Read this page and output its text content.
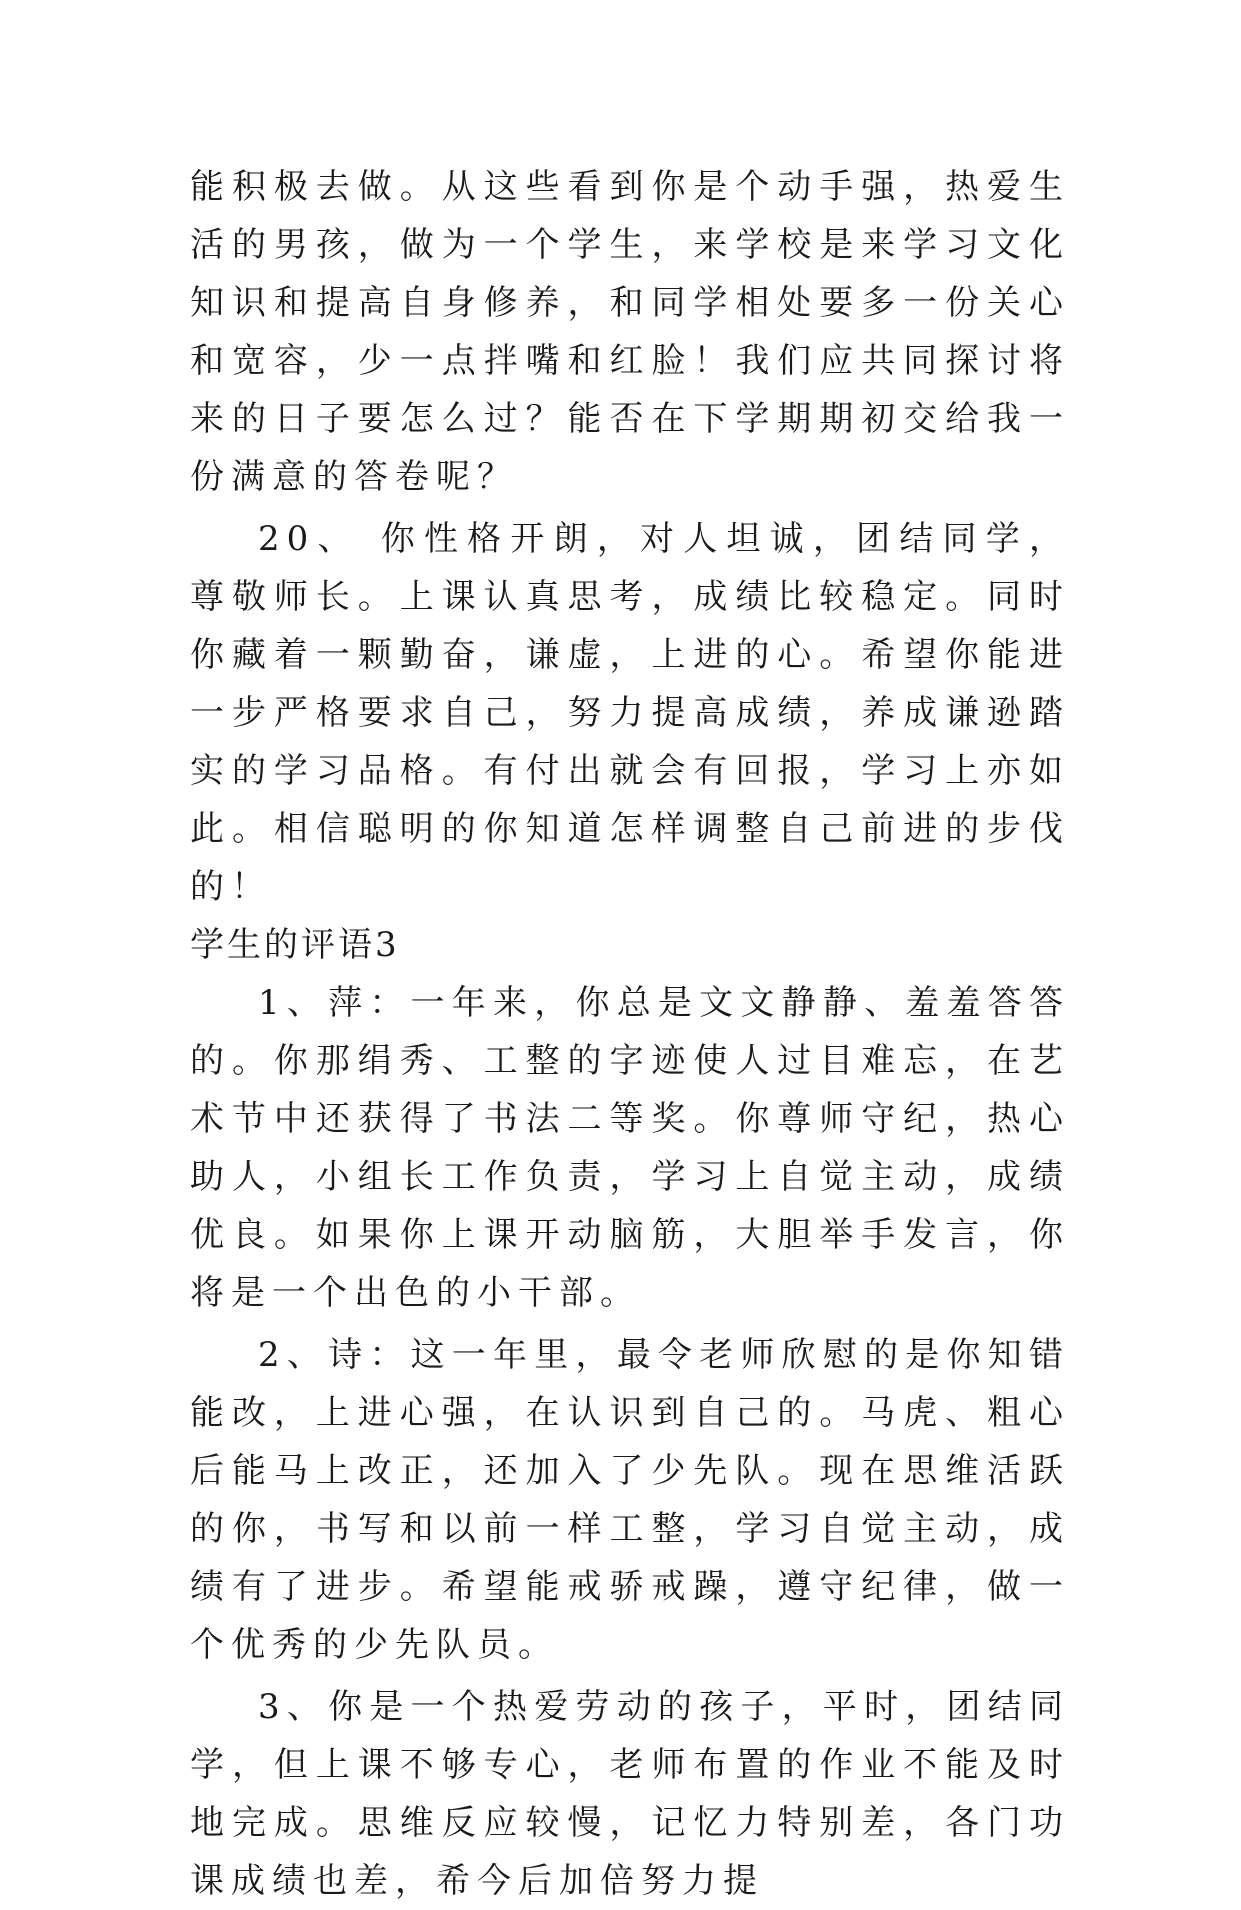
能积极去做。从这些看到你是个动手强，热爱生活的男孩，做为一个学生，来学校是来学习文化知识和提高自身修养，和同学相处要多一份关心和宽容，少一点拌嘴和红脸！我们应共同探讨将来的日子要怎么过？能否在下学期期初交给我一份满意的答卷呢？

20、 你性格开朗，对人坦诚，团结同学，尊敬师长。上课认真思考，成绩比较稳定。同时你藏着一颗勤奋，谦虚，上进的心。希望你能进一步严格要求自己，努力提高成绩，养成谦逊踏实的学习品格。有付出就会有回报，学习上亦如此。相信聪明的你知道怎样调整自己前进的步伐的！

学生的评语3

1、萍：一年来，你总是文文静静、羞羞答答的。你那绢秀、工整的字迹使人过目难忘，在艺术节中还获得了书法二等奖。你尊师守纪，热心助人，小组长工作负责，学习上自觉主动，成绩优良。如果你上课开动脑筋，大胆举手发言，你将是一个出色的小干部。

2、诗：这一年里，最令老师欣慰的是你知错能改，上进心强，在认识到自己的。马虎、粗心后能马上改正，还加入了少先队。现在思维活跃的你，书写和以前一样工整，学习自觉主动，成绩有了进步。希望能戒骄戒躁，遵守纪律，做一个优秀的少先队员。

3、你是一个热爱劳动的孩子，平时，团结同学，但上课不够专心，老师布置的作业不能及时地完成。思维反应较慢，记忆力特别差，各门功课成绩也差，希今后加倍努力提
